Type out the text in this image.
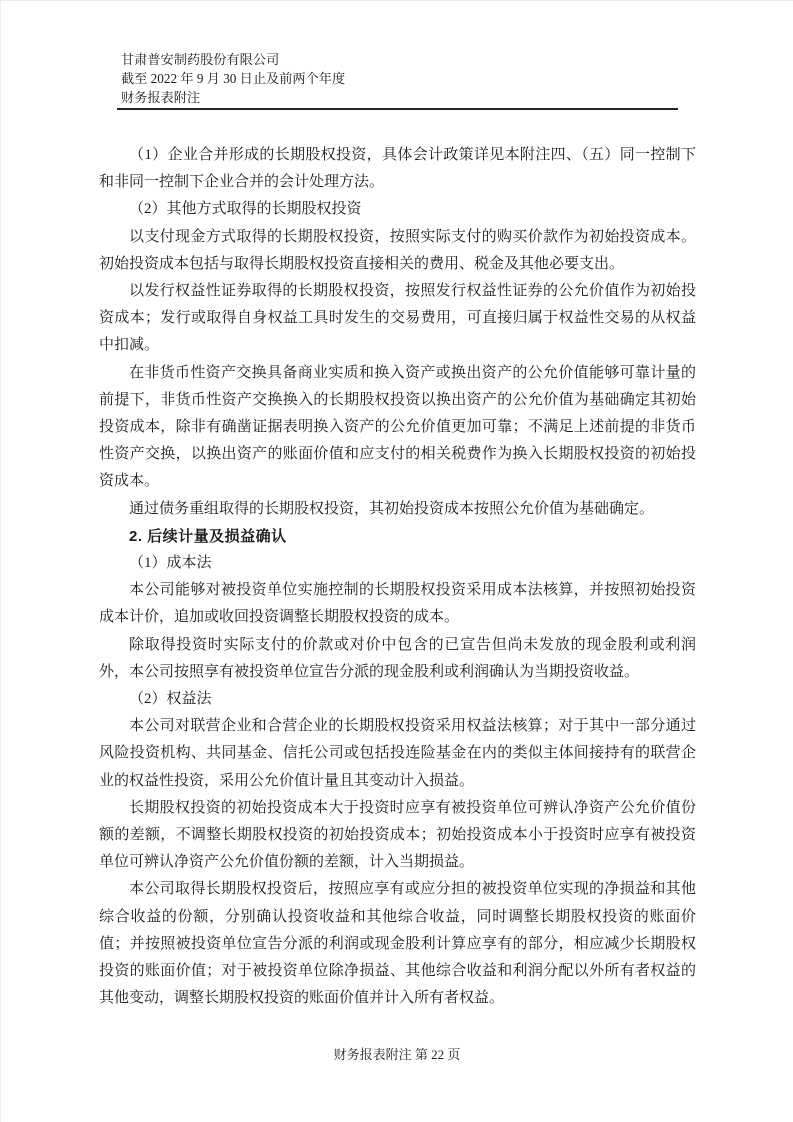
甘肃普安制药股份有限公司
截至 2022 年 9 月 30 日止及前两个年度
财务报表附注

（1）企业合并形成的长期股权投资，具体会计政策详见本附注四、（五）同一控制下和非同一控制下企业合并的会计处理方法。

（2）其他方式取得的长期股权投资

以支付现金方式取得的长期股权投资，按照实际支付的购买价款作为初始投资成本。初始投资成本包括与取得长期股权投资直接相关的费用、税金及其他必要支出。

以发行权益性证券取得的长期股权投资，按照发行权益性证券的公允价值作为初始投资成本；发行或取得自身权益工具时发生的交易费用，可直接归属于权益性交易的从权益中扣减。

在非货币性资产交换具备商业实质和换入资产或换出资产的公允价值能够可靠计量的前提下，非货币性资产交换换入的长期股权投资以换出资产的公允价值为基础确定其初始投资成本，除非有确凿证据表明换入资产的公允价值更加可靠；不满足上述前提的非货币性资产交换，以换出资产的账面价值和应支付的相关税费作为换入长期股权投资的初始投资成本。

通过债务重组取得的长期股权投资，其初始投资成本按照公允价值为基础确定。

2. 后续计量及损益确认

（1）成本法

本公司能够对被投资单位实施控制的长期股权投资采用成本法核算，并按照初始投资成本计价，追加或收回投资调整长期股权投资的成本。

除取得投资时实际支付的价款或对价中包含的已宣告但尚未发放的现金股利或利润外，本公司按照享有被投资单位宣告分派的现金股利或利润确认为当期投资收益。

（2）权益法

本公司对联营企业和合营企业的长期股权投资采用权益法核算；对于其中一部分通过风险投资机构、共同基金、信托公司或包括投连险基金在内的类似主体间接持有的联营企业的权益性投资，采用公允价值计量且其变动计入损益。

长期股权投资的初始投资成本大于投资时应享有被投资单位可辨认净资产公允价值份额的差额，不调整长期股权投资的初始投资成本；初始投资成本小于投资时应享有被投资单位可辨认净资产公允价值份额的差额，计入当期损益。

本公司取得长期股权投资后，按照应享有或应分担的被投资单位实现的净损益和其他综合收益的份额，分别确认投资收益和其他综合收益，同时调整长期股权投资的账面价值；并按照被投资单位宣告分派的利润或现金股利计算应享有的部分，相应减少长期股权投资的账面价值；对于被投资单位除净损益、其他综合收益和利润分配以外所有者权益的其他变动，调整长期股权投资的账面价值并计入所有者权益。

财务报表附注 第 22 页
